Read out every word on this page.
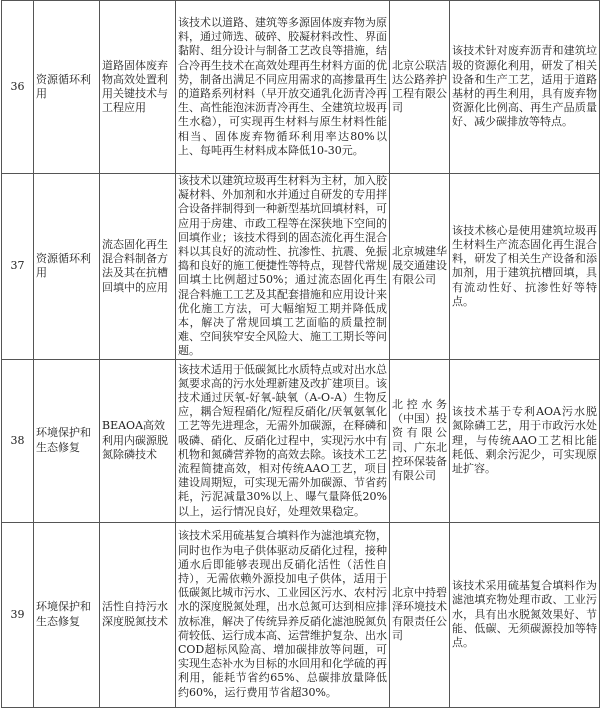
36	资源循环利用	道路固体废弃物高效处置利用关键技术与工程应用	该技术以道路、建筑等多源固体废弃物为原料，通过筛选、破碎、胶凝材料改性、界面黏附、组分设计与制备工艺改良等措施，结合冷再生技术在高效处理再生材料方面的优势，制备出满足不同应用需求的高掺量再生的道路系列材料（早开放交通乳化沥青冷再生、高性能泡沫沥青冷再生、全建筑垃圾再生水稳），可实现再生材料与原生材料性能相当、固体废弃物循环利用率达80%以上、每吨再生材料成本降低10-30元。	北京公联洁达公路养护工程有限公司	该技术针对废弃沥青和建筑垃圾的资源化利用，研发了相关设备和生产工艺，适用于道路基材的再生利用，具有废弃物资源化比例高、再生产品质量好、减少碳排放等特点。
37	资源循环利用	流态固化再生混合料制备方法及其在抗槽回填中的应用	该技术以建筑垃圾再生材料为主材，加入胶凝材料、外加剂和水并通过自研发的专用拌合设备拌制得到一种新型基坑回填材料，可应用于房建、市政工程等在深狭地下空间的回填作业；该技术得到的固态流化再生混合料以其良好的流动性、抗渗性、抗震、免振捣和良好的施工便捷性等特点，现替代常规回填土比例超过50%；通过流态固化再生混合料施工工艺及其配套措施和应用设计来优化施工方法，可大幅缩短工期并降低成本，解决了常规回填工艺面临的质量控制难、空间狭窄安全风险大、施工工期长等问题。	北京城建华晟交通建设有限公司	该技术核心是使用建筑垃圾再生材料生产流态固化再生混合料，研发了相关生产设备和添加剂，用于建筑抗槽回填，具有流动性好、抗渗性好等特点。
38	环境保护和生态修复	BEAOA高效利用内碳源脱氮除磷技术	该技术适用于低碳氮比水质特点或对出水总氮要求高的污水处理新建及改扩建项目。该技术通过厌氧-好氧-缺氧（A-O-A）生物反应，耦合短程硝化/短程反硝化/厌氧氨氧化工艺等先进理念，无需外加碳源，在释磷和吸磷、硝化、反硝化过程中，实现污水中有机物和氮磷营养物的高效去除。该技术工艺流程简捷高效，相对传统AAO工艺，项目建设周期短，可实现无需外加碳源、节省药耗，污泥减量30%以上、曝气量降低20%以上，运行情况良好，处理效果稳定。	北控水务（中国）投资有限公司、广东北控环保装备有限公司	该技术基于专利AOA污水脱氮除磷工艺，用于市政污水处理，与传统AAO工艺相比能耗低、剩余污泥少，可实现原址扩容。
39	环境保护和生态修复	活性自持污水深度脱氮技术	该技术采用硫基复合填料作为滤池填充物，同时也作为电子供体驱动反硝化过程，接种通水后即能够表现出反硝化活性（活性自持），无需依赖外源投加电子供体，适用于低碳氮比城市污水、工业园区污水、农村污水的深度脱氮处理，出水总氮可达到相应排放标准，解决了传统异养反硝化滤池脱氮负荷较低、运行成本高、运营维护复杂、出水COD超标风险高、增加碳排放等问题，可实现生态补水为目标的水回用和化学硫的再利用，能耗节省约65%、总碳排放量降低约60%，运行费用节省超30%。	北京中持碧泽环境技术有限责任公司	该技术采用硫基复合填料作为滤池填充物处理市政、工业污水，具有出水脱氮效果好、节能、低碳、无须碳源投加等特点。
